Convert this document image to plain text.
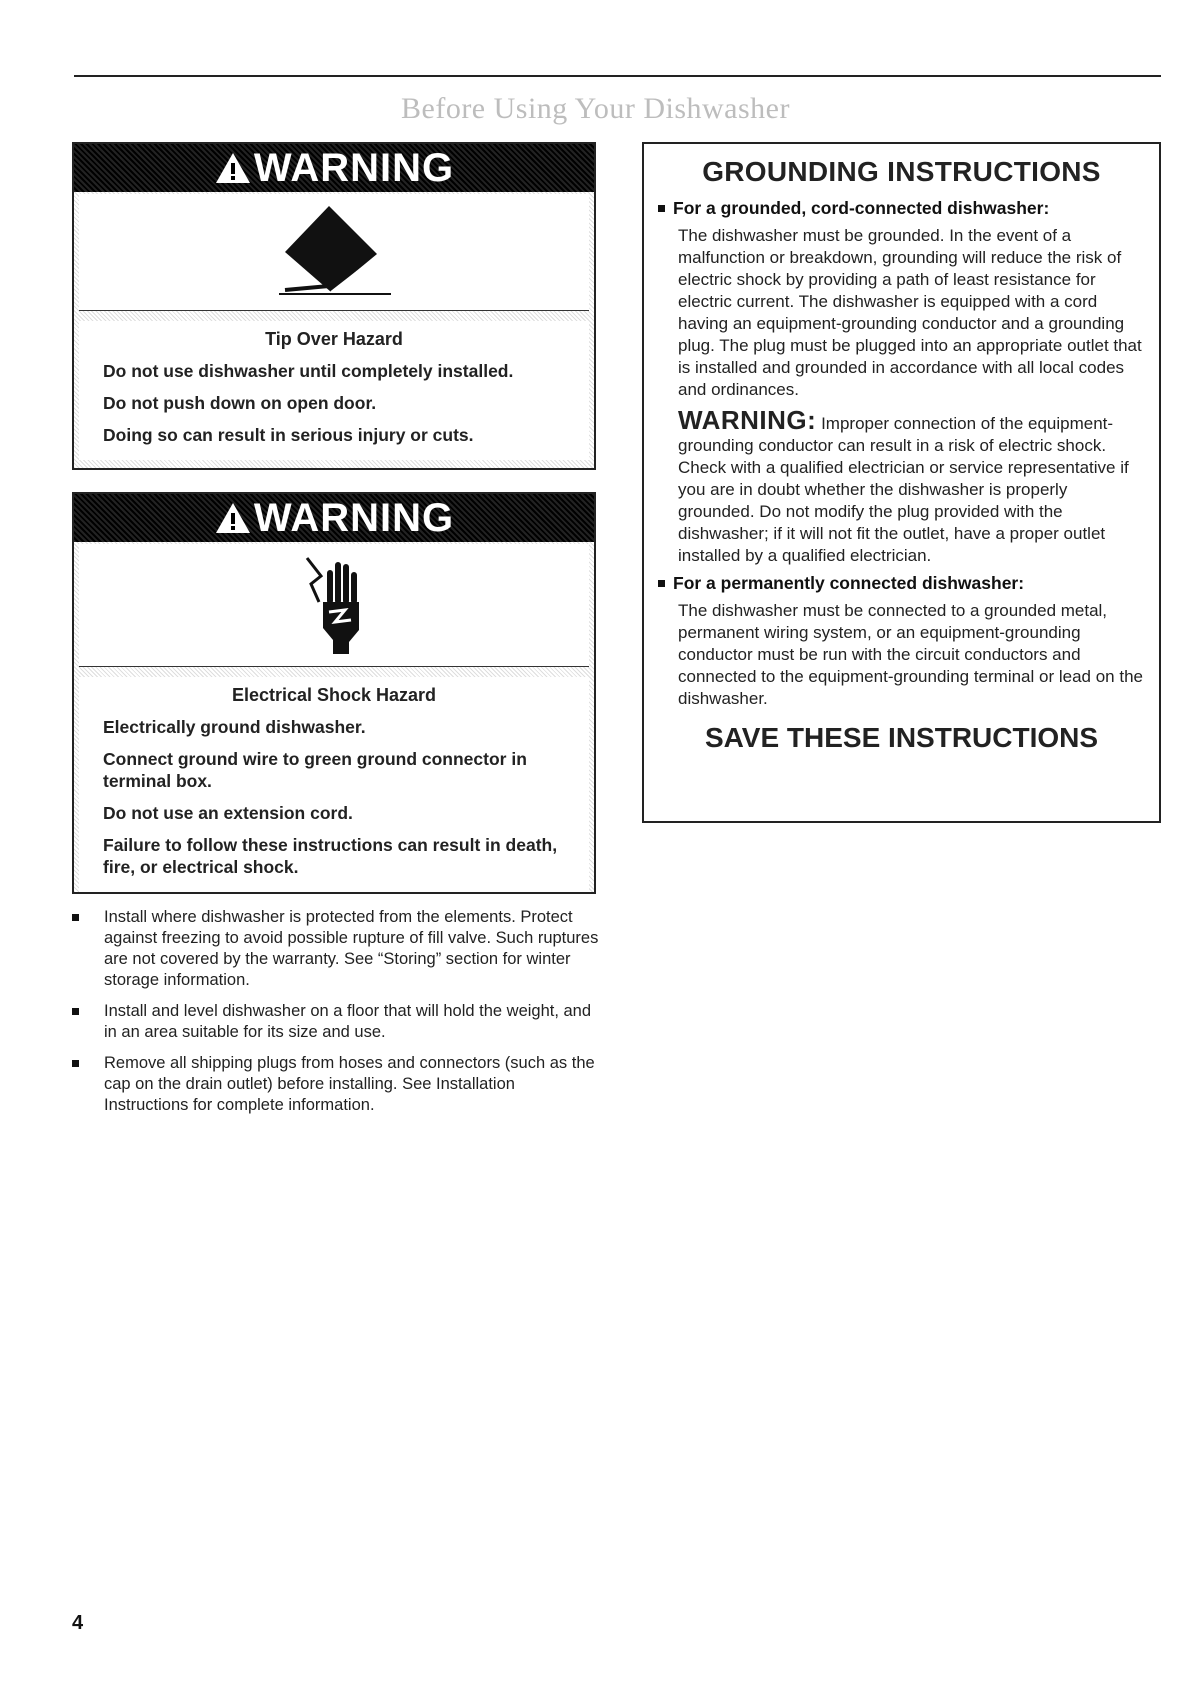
Before Using Your Dishwasher
WARNING
Tip Over Hazard

Do not use dishwasher until completely installed.

Do not push down on open door.

Doing so can result in serious injury or cuts.

WARNING
Electrical Shock Hazard

Electrically ground dishwasher.

Connect ground wire to green ground connector in terminal box.

Do not use an extension cord.

Failure to follow these instructions can result in death, fire, or electrical shock.

Install where dishwasher is protected from the elements. Protect against freezing to avoid possible rupture of fill valve. Such ruptures are not covered by the warranty. See “Storing” section for winter storage information.
Install and level dishwasher on a floor that will hold the weight, and in an area suitable for its size and use.
Remove all shipping plugs from hoses and connectors (such as the cap on the drain outlet) before installing. See Installation Instructions for complete information.
GROUNDING INSTRUCTIONS
For a grounded, cord-connected dishwasher:
The dishwasher must be grounded. In the event of a malfunction or breakdown, grounding will reduce the risk of electric shock by providing a path of least resistance for electric current. The dishwasher is equipped with a cord having an equipment-grounding conductor and a grounding plug. The plug must be plugged into an appropriate outlet that is installed and grounded in accordance with all local codes and ordinances.
WARNING: Improper connection of the equipment-grounding conductor can result in a risk of electric shock. Check with a qualified electrician or service representative if you are in doubt whether the dishwasher is properly grounded. Do not modify the plug provided with the dishwasher; if it will not fit the outlet, have a proper outlet installed by a qualified electrician.
For a permanently connected dishwasher:
The dishwasher must be connected to a grounded metal, permanent wiring system, or an equipment-grounding conductor must be run with the circuit conductors and connected to the equipment-grounding terminal or lead on the dishwasher.
SAVE THESE INSTRUCTIONS
4
